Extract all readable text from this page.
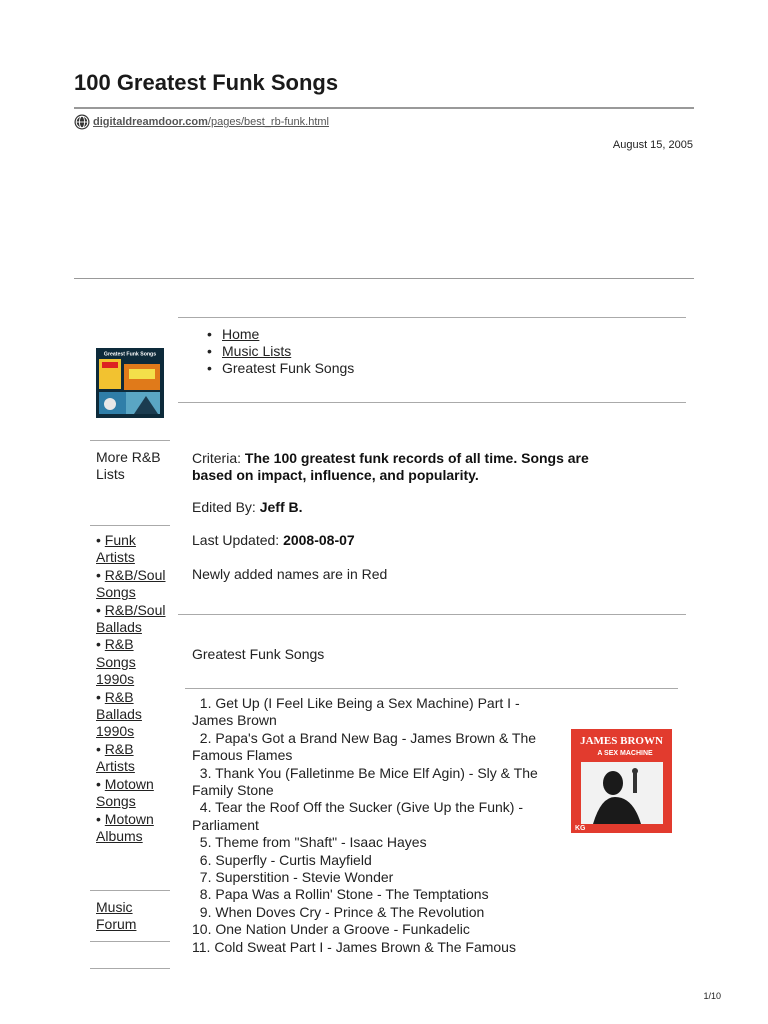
100 Greatest Funk Songs
digitaldreamdoor.com /pages/best_rb-funk.html
August 15, 2005
Greatest Funk Songs
More R&B Lists
• Funk Artists
• R&B/Soul Songs
• R&B/Soul Ballads
• R&B Songs 1990s
• R&B Ballads 1990s
• R&B Artists
• Motown Songs
• Motown Albums
Music Forum
• Home
• Music Lists
• Greatest Funk Songs
Criteria: The 100 greatest funk records of all time. Songs are based on impact, influence, and popularity.
Edited By: Jeff B.
Last Updated: 2008-08-07
Newly added names are in Red
Greatest Funk Songs
1. Get Up (I Feel Like Being a Sex Machine) Part I - James Brown
2. Papa's Got a Brand New Bag - James Brown & The Famous Flames
3. Thank You (Falletinme Be Mice Elf Agin) - Sly & The Family Stone
4. Tear the Roof Off the Sucker (Give Up the Funk) - Parliament
5. Theme from "Shaft" - Isaac Hayes
6. Superfly - Curtis Mayfield
7. Superstition - Stevie Wonder
8. Papa Was a Rollin' Stone - The Temptations
9. When Doves Cry - Prince & The Revolution
10. One Nation Under a Groove - Funkadelic
11. Cold Sweat Part I - James Brown & The Famous
JAMES BROWN
A SEX MACHINE
KG
1/10
